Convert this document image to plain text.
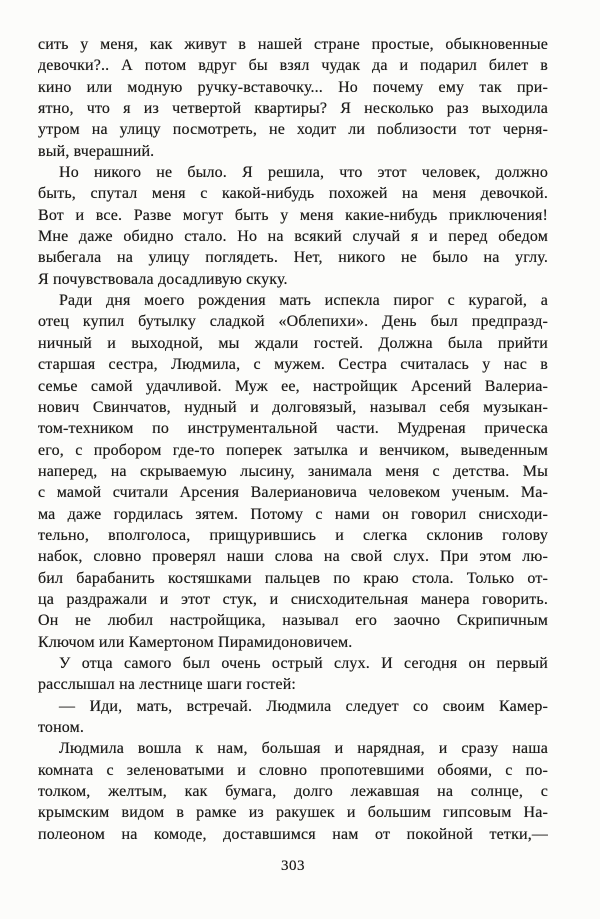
сить у меня, как живут в нашей стране простые, обыкновенные
девочки?.. А потом вдруг бы взял чудак да и подарил билет в
кино или модную ручку-вставочку... Но почему ему так при-
ятно, что я из четвертой квартиры? Я несколько раз выходила
утром на улицу посмотреть, не ходит ли поблизости тот черня-
вый, вчерашний.

Но никого не было. Я решила, что этот человек, должно
быть, спутал меня с какой-нибудь похожей на меня девочкой.
Вот и все. Разве могут быть у меня какие-нибудь приключения!
Мне даже обидно стало. Но на всякий случай я и перед обедом
выбегала на улицу поглядеть. Нет, никого не было на углу.
Я почувствовала досадливую скуку.

Ради дня моего рождения мать испекла пирог с курагой, а
отец купил бутылку сладкой «Облепихи». День был предпразд-
ничный и выходной, мы ждали гостей. Должна была прийти
старшая сестра, Людмила, с мужем. Сестра считалась у нас в
семье самой удачливой. Муж ее, настройщик Арсений Валериа-
нович Свинчатов, нудный и долговязый, называл себя музыкан-
том-техником по инструментальной части. Мудреная прическа
его, с пробором где-то поперек затылка и венчиком, выведенным
наперед, на скрываемую лысину, занимала меня с детства. Мы
с мамой считали Арсения Валериановича человеком ученым. Ма-
ма даже гордилась зятем. Потому с нами он говорил снисходи-
тельно, вполголоса, прищурившись и слегка склонив голову
набок, словно проверял наши слова на свой слух. При этом лю-
бил барабанить костяшками пальцев по краю стола. Только от-
ца раздражали и этот стук, и снисходительная манера говорить.
Он не любил настройщика, называл его заочно Скрипичным
Ключом или Камертоном Пирамидоновичем.

У отца самого был очень острый слух. И сегодня он первый
расслышал на лестнице шаги гостей:

— Иди, мать, встречай. Людмила следует со своим Камер-
тоном.

Людмила вошла к нам, большая и нарядная, и сразу наша
комната с зеленоватыми и словно пропотевшими обоями, с по-
толком, желтым, как бумага, долго лежавшая на солнце, с
крымским видом в рамке из ракушек и большим гипсовым На-
полеоном на комоде, доставшимся нам от покойной тетки,—

303
